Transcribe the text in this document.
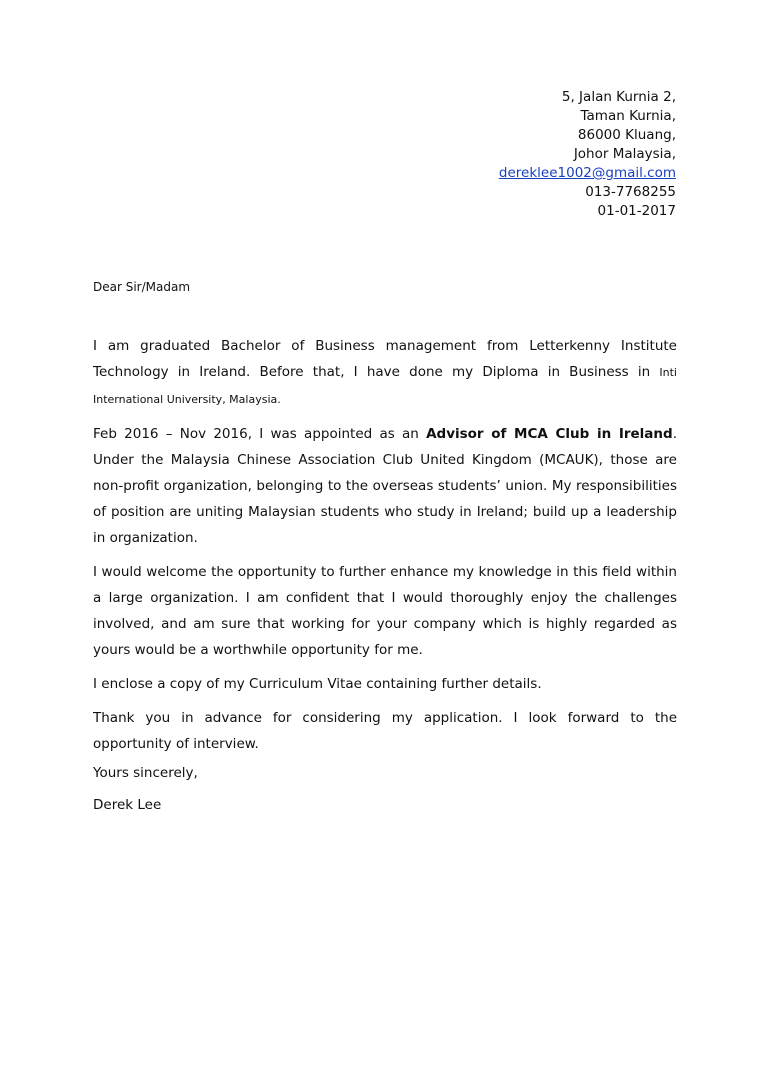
5, Jalan Kurnia 2,
Taman Kurnia,
86000 Kluang,
Johor Malaysia,
dereklee1002@gmail.com
013-7768255
01-01-2017
Dear Sir/Madam

I am graduated Bachelor of Business management from Letterkenny Institute Technology in Ireland. Before that, I have done my Diploma in Business in Inti International University, Malaysia.

Feb 2016 – Nov 2016, I was appointed as an Advisor of MCA Club in Ireland. Under the Malaysia Chinese Association Club United Kingdom (MCAUK), those are non-profit organization, belonging to the overseas students’ union. My responsibilities of position are uniting Malaysian students who study in Ireland; build up a leadership in organization.

I would welcome the opportunity to further enhance my knowledge in this field within a large organization. I am confident that I would thoroughly enjoy the challenges involved, and am sure that working for your company which is highly regarded as yours would be a worthwhile opportunity for me.

I enclose a copy of my Curriculum Vitae containing further details.

Thank you in advance for considering my application. I look forward to the opportunity of interview.

Yours sincerely,
Derek Lee
